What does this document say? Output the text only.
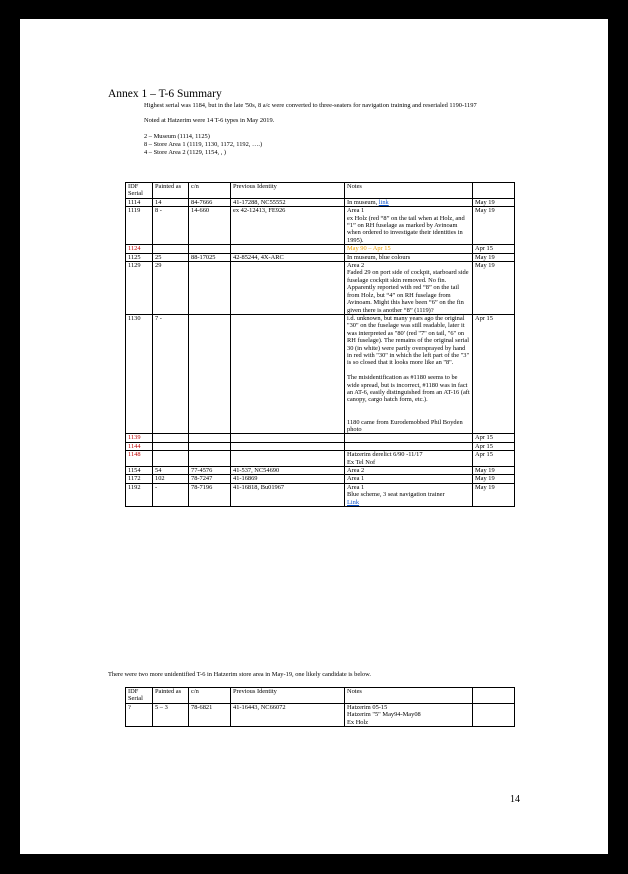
Annex 1 – T-6 Summary

Highest serial was 1184, but in the late '50s, 8 a/c were converted to three-seaters for navigation training and reserialed 1190-1197

Noted at Hatzerim were 14 T-6 types in May 2019.

2 – Museum (1114, 1125)

8 – Store Area 1 (1119, 1130, 1172, 1192, ….)

4 – Store Area 2 (1129, 1154, , )

IDF Serial	Painted as	c/n	Previous Identity	Notes	
1114	14	84-7666	41-17288, NC55552	In museum, link	May 19
1119	8 -	14-660	ex 42-12413, FE926	Area 1
ex Holz (red “8” on the tail when at Holz, and “1” on RH fuselage as marked by Avinoam when ordered to investigate their identities in 1995).	May 19
1124				May 90 – Apr 15	Apr 15
1125	25	88-17025	42-85244, 4X-ARC	In museum, blue colours	May 19
1129	29			Area 2
Faded 29 on port side of cockpit, starboard side fuselage cockpit skin removed. No fin. Apparently reported with red “8” on the tail from Holz, but “4” on RH fuselage from Avinoam. Might this have been “6” on the fin given there is another “8” (1119)?	May 19
1130	7 -			i.d. unknown, but many years ago the original "30" on the fuselage was still readable, later it was interpreted as "80' (red "7" on tail, "6" on RH fuselage). The remains of the original serial 30 (in white) were partly oversprayed by hand in red with "30" in which the left part of the "3" is so closed that it looks more like an "8".

The misidentification as #1180 seems to be wide spread, but is incorrect, #1180 was in fact an AT-6, easily distinguished from an AT-16 (aft canopy, cargo hatch form, etc.).

1180 came from Eurodemobbed Phil Boyden photo	Apr 15
1139					Apr 15
1144					Apr 15
1148				Hatzerim derelict 6/90 -11/17
Ex Tel Nof	Apr 15
1154	54	77-4576	41-537, NC54690	Area 2	May 19
1172	102	78-7247	41-16869	Area 1	May 19
1192	-	78-7196	41-16818, Bu01967	Area 1
Blue scheme, 3 seat navigation trainer
Link	May 19
There were two more unidentified T-6 in Hatzerim store area in May-19, one likely candidate is below.
IDF Serial	Painted as	c/n	Previous Identity	Notes	
?	5 – 3	78-6821	41-16443, NC66072	Hatzerim 05-15
Hatzerim "5" May94-May08
Ex Holz	
14
